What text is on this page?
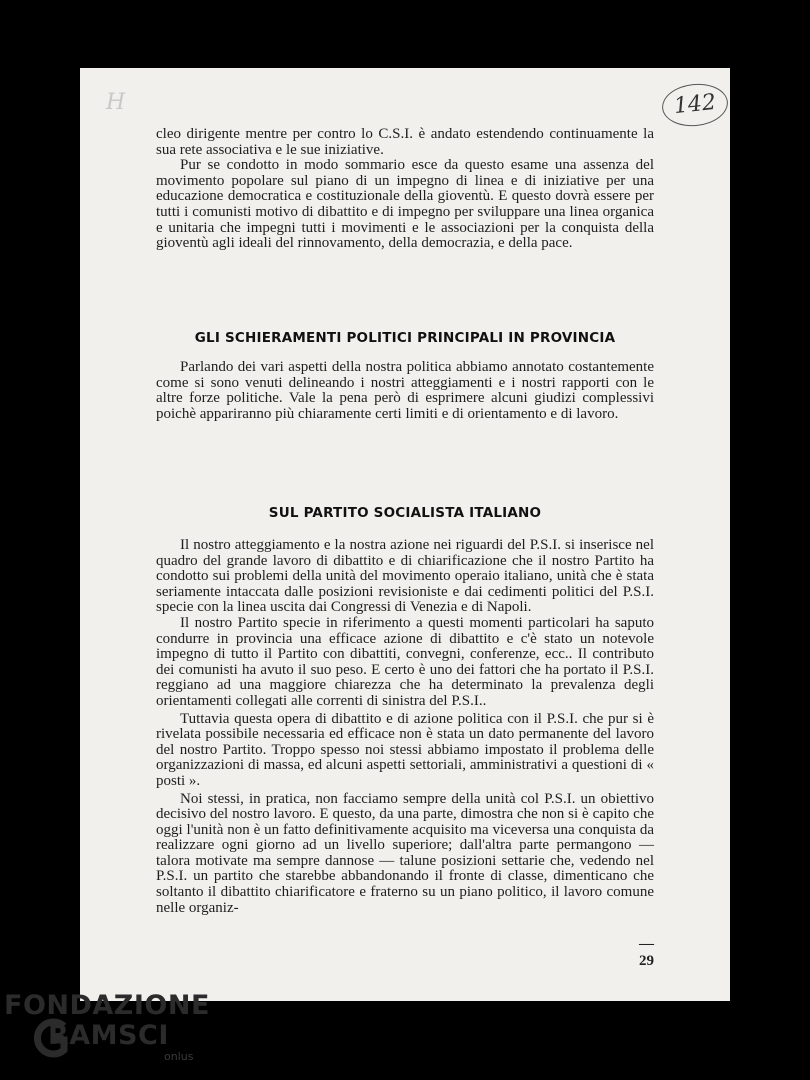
H	142

cleo dirigente mentre per contro lo C.S.I. è andato estendendo continuamente la sua rete associativa e le sue iniziative.

Pur se condotto in modo sommario esce da questo esame una assenza del movimento popolare sul piano di un impegno di linea e di iniziative per una educazione democratica e costituzionale della gioventù. E questo dovrà essere per tutti i comunisti motivo di dibattito e di impegno per sviluppare una linea organica e unitaria che impegni tutti i movimenti e le associazioni per la conquista della gioventù agli ideali del rinnovamento, della democrazia, e della pace.

GLI SCHIERAMENTI POLITICI PRINCIPALI IN PROVINCIA

Parlando dei vari aspetti della nostra politica abbiamo annotato costantemente come si sono venuti delineando i nostri atteggiamenti e i nostri rapporti con le altre forze politiche. Vale la pena però di esprimere alcuni giudizi complessivi poichè appariranno più chiaramente certi limiti e di orientamento e di lavoro.

SUL PARTITO SOCIALISTA ITALIANO

Il nostro atteggiamento e la nostra azione nei riguardi del P.S.I. si inserisce nel quadro del grande lavoro di dibattito e di chiarificazione che il nostro Partito ha condotto sui problemi della unità del movimento operaio italiano, unità che è stata seriamente intaccata dalle posizioni revisioniste e dai cedimenti politici del P.S.I. specie con la linea uscita dai Congressi di Venezia e di Napoli.

Il nostro Partito specie in riferimento a questi momenti particolari ha saputo condurre in provincia una efficace azione di dibattito e c'è stato un notevole impegno di tutto il Partito con dibattiti, convegni, conferenze, ecc.. Il contributo dei comunisti ha avuto il suo peso. E certo è uno dei fattori che ha portato il P.S.I. reggiano ad una maggiore chiarezza che ha determinato la prevalenza degli orientamenti collegati alle correnti di sinistra del P.S.I..

Tuttavia questa opera di dibattito e di azione politica con il P.S.I. che pur si è rivelata possibile necessaria ed efficace non è stata un dato permanente del lavoro del nostro Partito. Troppo spesso noi stessi abbiamo impostato il problema delle organizzazioni di massa, ed alcuni aspetti settoriali, amministrativi a questioni di « posti ».

Noi stessi, in pratica, non facciamo sempre della unità col P.S.I. un obiettivo decisivo del nostro lavoro. E questo, da una parte, dimostra che non si è capito che oggi l'unità non è un fatto definitivamente acquisito ma viceversa una conquista da realizzare ogni giorno ad un livello superiore; dall'altra parte permangono — talora motivate ma sempre dannose — talune posizioni settarie che, vedendo nel P.S.I. un partito che starebbe abbandonando il fronte di classe, dimenticano che soltanto il dibattito chiarificatore e fraterno su un piano politico, il lavoro comune nelle organiz-

— 29
FONDAZIONE
RAMSCI
onlus
